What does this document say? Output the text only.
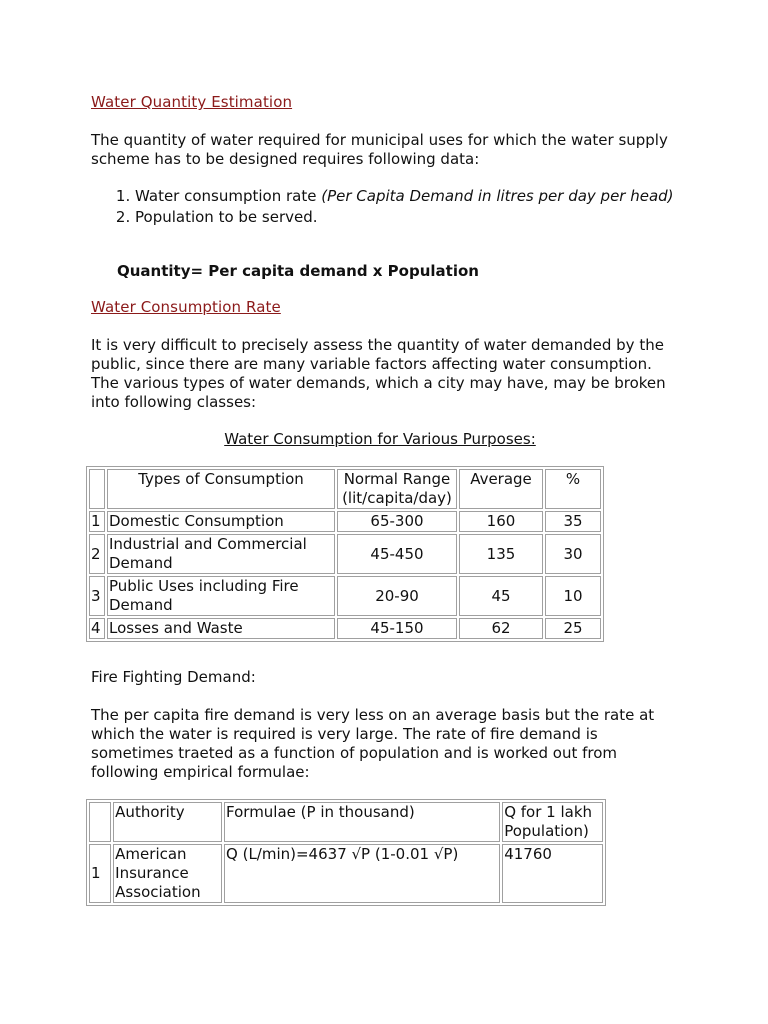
Water Quantity Estimation

The quantity of water required for municipal uses for which the water supply scheme has to be designed requires following data:

1. Water consumption rate (Per Capita Demand in litres per day per head)
2. Population to be served.
Quantity= Per capita demand x Population
Water Consumption Rate

It is very difficult to precisely assess the quantity of water demanded by the public, since there are many variable factors affecting water consumption. The various types of water demands, which a city may have, may be broken into following classes:

Water Consumption for Various Purposes:
	Types of Consumption	Normal Range (lit/capita/day)	Average	%
1	Domestic Consumption	65-300	160	35
2	Industrial and Commercial Demand	45-450	135	30
3	Public Uses including Fire Demand	20-90	45	10
4	Losses and Waste	45-150	62	25

Fire Fighting Demand:

The per capita fire demand is very less on an average basis but the rate at which the water is required is very large. The rate of fire demand is sometimes traeted as a function of population and is worked out from following empirical formulae:

	Authority	Formulae (P in thousand)	Q for 1 lakh Population)
1	American Insurance Association	Q (L/min)=4637 √P (1-0.01 √P)	41760
